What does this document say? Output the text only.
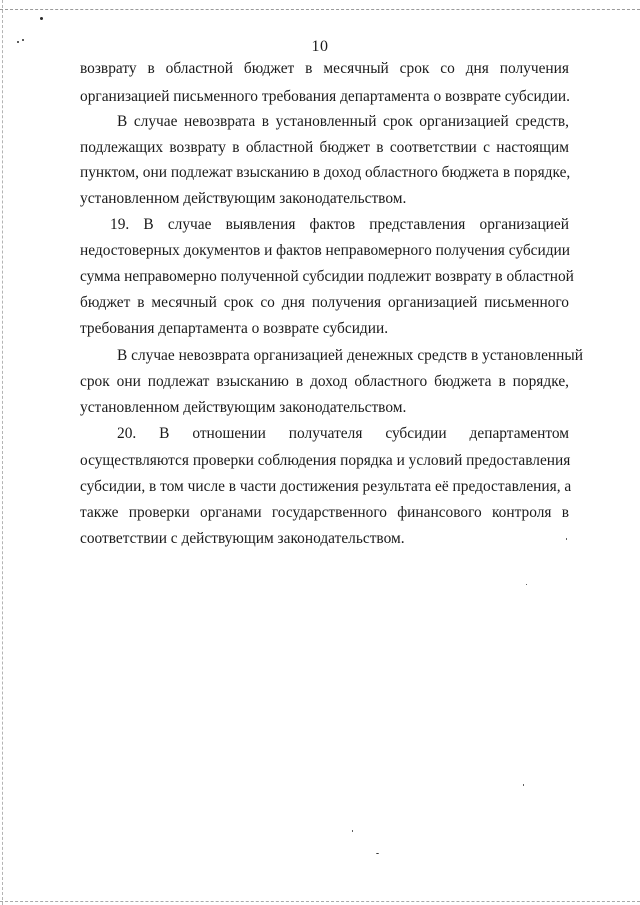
10
возврату в областной бюджет в месячный срок со дня получения
организацией письменного требования департамента о возврате субсидии.
В случае невозврата в установленный срок организацией средств,
подлежащих возврату в областной бюджет в соответствии с настоящим
пунктом, они подлежат взысканию в доход областного бюджета в порядке,
установленном действующим законодательством.
19. В случае выявления фактов представления организацией
недостоверных документов и фактов неправомерного получения субсидии
сумма неправомерно полученной субсидии подлежит возврату в областной
бюджет в месячный срок со дня получения организацией письменного
требования департамента о возврате субсидии.
В случае невозврата организацией денежных средств в установленный
срок они подлежат взысканию в доход областного бюджета в порядке,
установленном действующим законодательством.
20. В отношении получателя субсидии департаментом
осуществляются проверки соблюдения порядка и условий предоставления
субсидии, в том числе в части достижения результата её предоставления, а
также проверки органами государственного финансового контроля в
соответствии с действующим законодательством.
